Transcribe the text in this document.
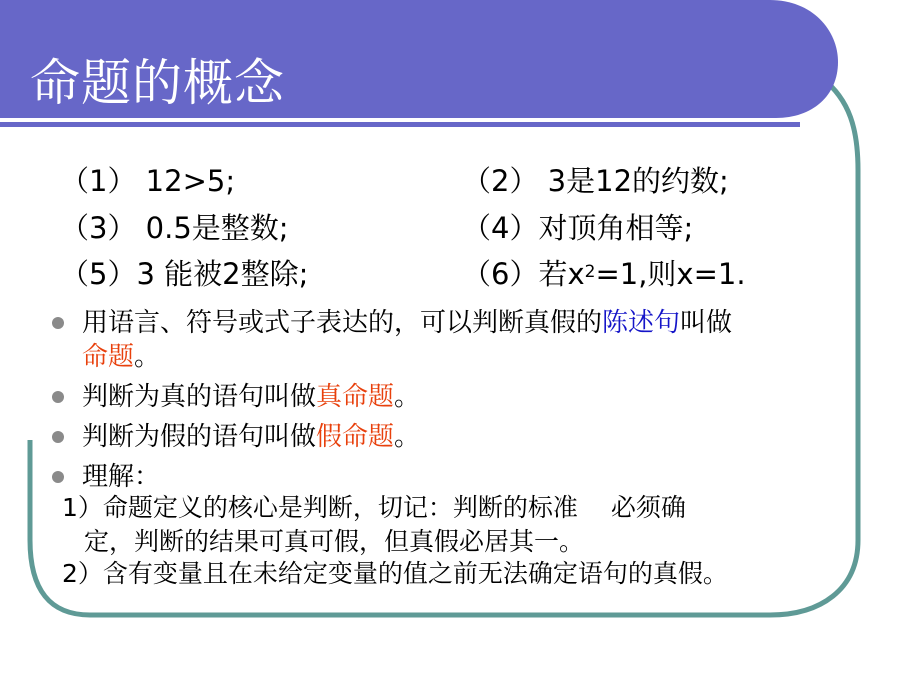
命题的概念
（1） 12>5;	（2） 3是12的约数;
（3） 0.5是整数;	（4）对顶角相等;
（5）3 能被2整除;	（6）若$x^2=1$,则x=1.
用语言、符号或式子表达的，可以判断真假的陈述句叫做
命题。
判断为真的语句叫做真命题。
判断为假的语句叫做假命题。
理解：
1）命题定义的核心是判断，切记：判断的标准　 必须确
定，判断的结果可真可假，但真假必居其一。
2）含有变量且在未给定变量的值之前无法确定语句的真假。
